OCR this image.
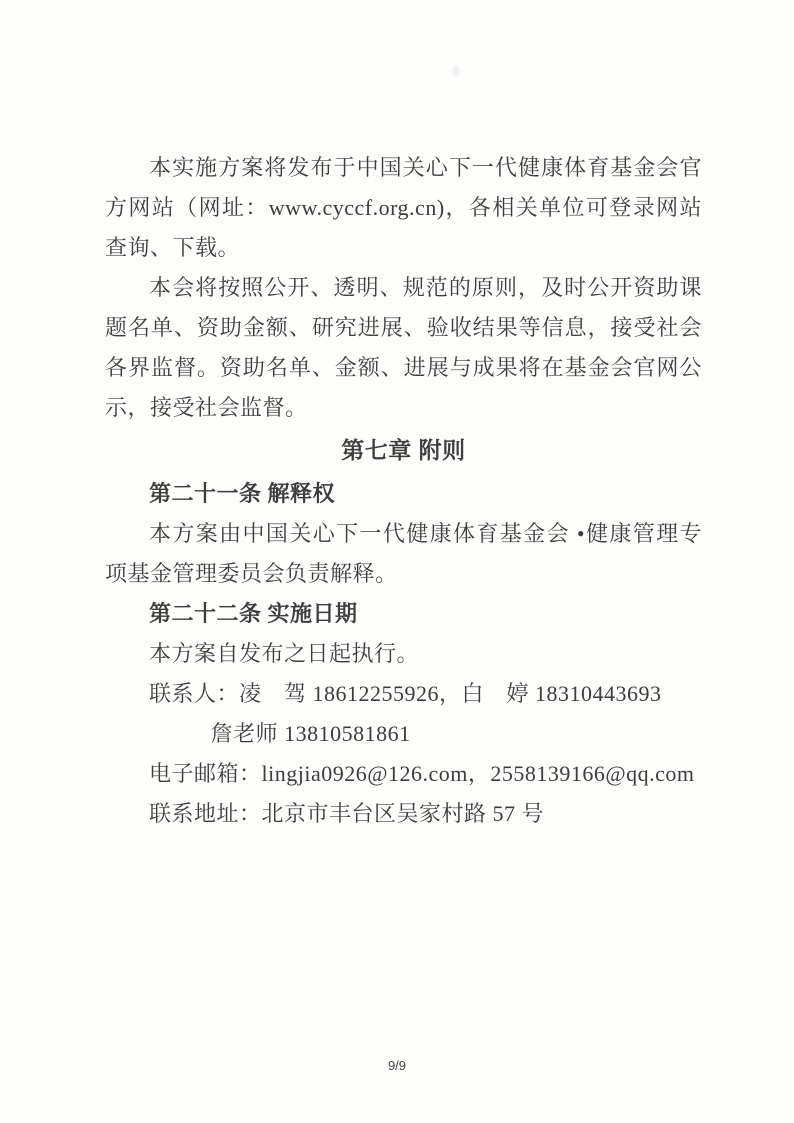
本实施方案将发布于中国关心下一代健康体育基金会官方网站（网址：www.cyccf.org.cn)，各相关单位可登录网站查询、下载。

本会将按照公开、透明、规范的原则，及时公开资助课题名单、资助金额、研究进展、验收结果等信息，接受社会各界监督。资助名单、金额、进展与成果将在基金会官网公示，接受社会监督。

第七章 附则

第二十一条 解释权

本方案由中国关心下一代健康体育基金会 •健康管理专项基金管理委员会负责解释。

第二十二条 实施日期

本方案自发布之日起执行。

联系人：凌　驾 18612255926，白　婷 18310443693

詹老师 13810581861

电子邮箱：lingjia0926@126.com，2558139166@qq.com

联系地址：北京市丰台区吴家村路 57 号

9/9
